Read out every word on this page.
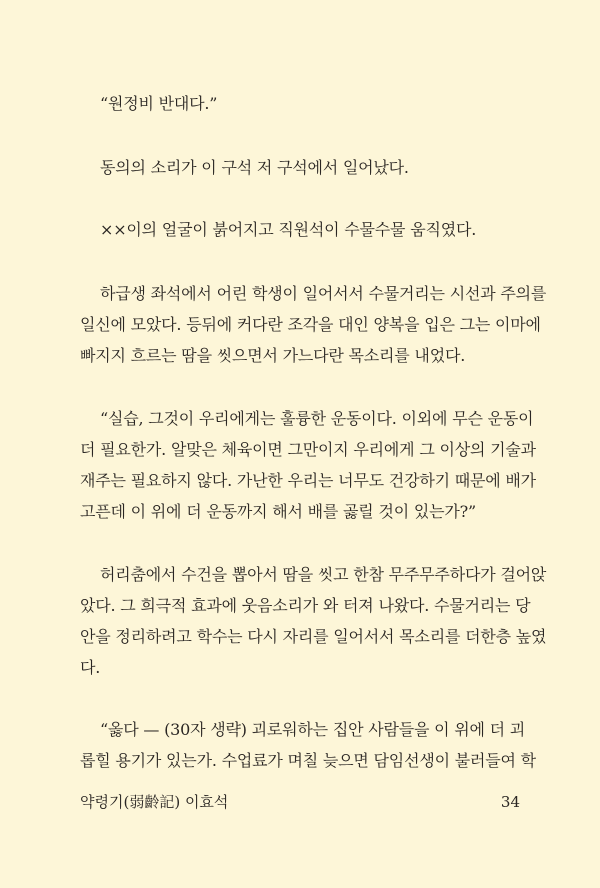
“원정비 반대다.”
동의의 소리가 이 구석 저 구석에서 일어났다.
××이의 얼굴이 붉어지고 직원석이 수물수물 움직였다.
하급생 좌석에서 어린 학생이 일어서서 수물거리는 시선과 주의를
일신에 모았다. 등뒤에 커다란 조각을 대인 양복을 입은 그는 이마에
빠지지 흐르는 땀을 씻으면서 가느다란 목소리를 내었다.
“실습, 그것이 우리에게는 훌륭한 운동이다. 이외에 무슨 운동이
더 필요한가. 알맞은 체육이면 그만이지 우리에게 그 이상의 기술과
재주는 필요하지 않다. 가난한 우리는 너무도 건강하기 때문에 배가
고픈데 이 위에 더 운동까지 해서 배를 곯릴 것이 있는가?”
허리춤에서 수건을 뽑아서 땀을 씻고 한참 무주무주하다가 걸어앉
았다. 그 희극적 효과에 웃음소리가 와 터져 나왔다. 수물거리는 당
안을 정리하려고 학수는 다시 자리를 일어서서 목소리를 더한층 높였
다.
“옳다 — (30자 생략) 괴로워하는 집안 사람들을 이 위에 더 괴
롭힐 용기가 있는가. 수업료가 며칠 늦으면 담임선생이 불러들여 학
약령기(弱齡記) 이효석	34
